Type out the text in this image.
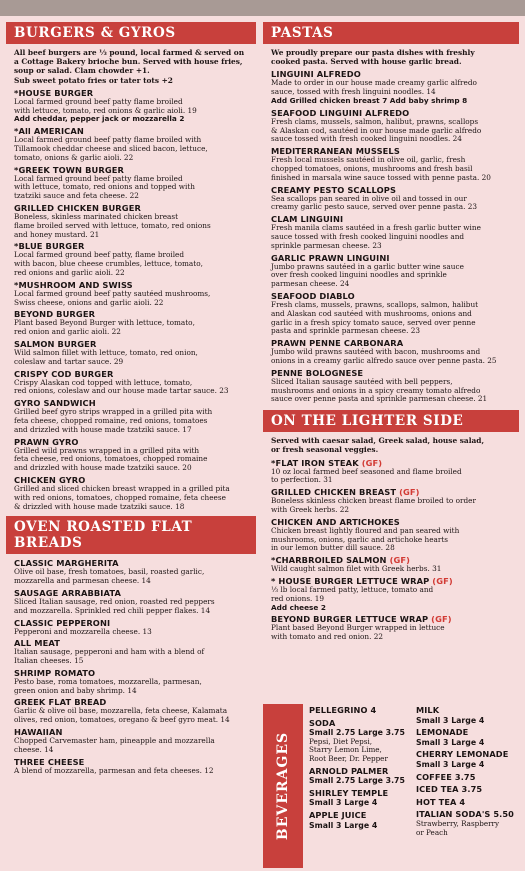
BURGERS & GYROS
All beef burgers are ⅓ pound, local farmed & served on
a Cottage Bakery brioche bun. Served with house fries,
soup or salad. Clam chowder +1.
Sub sweet potato fries or tater tots +2
*HOUSE BURGER
Local farmed ground beef patty flame broiled
with lettuce, tomato, red onions & garlic aioli. 19
Add cheddar, pepper jack or mozzarella 2
*All AMERICAN
Local farmed ground beef patty flame broiled with
Tillamook cheddar cheese and sliced bacon, lettuce,
tomato, onions & garlic aioli. 22
*GREEK TOWN BURGER
Local farmed ground beef patty flame broiled
with lettuce, tomato, red onions and topped with
tzatziki sauce and feta cheese. 22
GRILLED CHICKEN BURGER
Boneless, skinless marinated chicken breast
flame broiled served with lettuce, tomato, red onions
and honey mustard. 21
*BLUE BURGER
Local farmed ground beef patty, flame broiled
with bacon, blue cheese crumbles, lettuce, tomato,
red onions and garlic aioli. 22
*MUSHROOM AND SWISS
Local farmed ground beef patty sautéed mushrooms,
Swiss cheese, onions and garlic aioli. 22
BEYOND BURGER
Plant based Beyond Burger with lettuce, tomato,
red onion and garlic aioli. 22
SALMON BURGER
Wild salmon fillet with lettuce, tomato, red onion,
coleslaw and tartar sauce. 29
CRISPY COD BURGER
Crispy Alaskan cod topped with lettuce, tomato,
red onions, coleslaw and our house made tartar sauce. 23
GYRO SANDWICH
Grilled beef gyro strips wrapped in a grilled pita with
feta cheese, chopped romaine, red onions, tomatoes
and drizzled with house made tzatziki sauce. 17
PRAWN GYRO
Grilled wild prawns wrapped in a grilled pita with
feta cheese, red onions, tomatoes, chopped romaine
and drizzled with house made tzatziki sauce. 20
CHICKEN GYRO
Grilled and sliced chicken breast wrapped in a grilled pita
with red onions, tomatoes, chopped romaine, feta cheese
& drizzled with house made tzatziki sauce. 18
OVEN ROASTED FLAT BREADS
CLASSIC MARGHERITA
Olive oil base, fresh tomatoes, basil, roasted garlic,
mozzarella and parmesan cheese. 14
SAUSAGE ARRABBIATA
Sliced Italian sausage, red onion, roasted red peppers
and mozzarella. Sprinkled red chili pepper flakes. 14
CLASSIC PEPPERONI
Pepperoni and mozzarella cheese. 13
ALL MEAT
Italian sausage, pepperoni and ham with a blend of
Italian cheeses. 15
SHRIMP ROMATO
Pesto base, roma tomatoes, mozzarella, parmesan,
green onion and baby shrimp. 14
GREEK FLAT BREAD
Garlic & olive oil base, mozzarella, feta cheese, Kalamata
olives, red onion, tomatoes, oregano & beef gyro meat. 14
HAWAIIAN
Chopped Carvemaster ham, pineapple and mozzarella
cheese. 14
THREE CHEESE
A blend of mozzarella, parmesan and feta cheeses. 12
PASTAS
We proudly prepare our pasta dishes with freshly
cooked pasta. Served with house garlic bread.
LINGUINI ALFREDO
Made to order in our house made creamy garlic alfredo
sauce, tossed with fresh linguini noodles. 14
Add Grilled chicken breast 7 Add baby shrimp 8
SEAFOOD LINGUINI ALFREDO
Fresh clams, mussels, salmon, halibut, prawns, scallops
& Alaskan cod, sautéed in our house made garlic alfredo
sauce tossed with fresh cooked linguini noodles. 24
MEDITERRANEAN MUSSELS
Fresh local mussels sautéed in olive oil, garlic, fresh
chopped tomatoes, onions, mushrooms and fresh basil
finished in marsala wine sauce tossed with penne pasta. 20
CREAMY PESTO SCALLOPS
Sea scallops pan seared in olive oil and tossed in our
creamy garlic pesto sauce, served over penne pasta. 23
CLAM LINGUINI
Fresh manila clams sautéed in a fresh garlic butter wine
sauce tossed with fresh cooked linguini noodles and
sprinkle parmesan cheese. 23
GARLIC PRAWN LINGUINI
Jumbo prawns sautéed in a garlic butter wine sauce
over fresh cooked linguini noodles and sprinkle
parmesan cheese. 24
SEAFOOD DIABLO
Fresh clams, mussels, prawns, scallops, salmon, halibut
and Alaskan cod sautéed with mushrooms, onions and
garlic in a fresh spicy tomato sauce, served over penne
pasta and sprinkle parmesan cheese. 23
PRAWN PENNE CARBONARA
Jumbo wild prawns sautéed with bacon, mushrooms and
onions in a creamy garlic alfredo sauce over penne pasta. 25
PENNE BOLOGNESE
Sliced Italian sausage sautéed with bell peppers,
mushrooms and onions in a spicy creamy tomato alfredo
sauce over penne pasta and sprinkle parmesan cheese. 21
ON THE LIGHTER SIDE
Served with caesar salad, Greek salad, house salad,
or fresh seasonal veggies.
*FLAT IRON STEAK (GF)
10 oz local farmed beef seasoned and flame broiled
to perfection. 31
GRILLED CHICKEN BREAST (GF)
Boneless skinless chicken breast flame broiled to order
with Greek herbs. 22
CHICKEN AND ARTICHOKES
Chicken breast lightly floured and pan seared with
mushrooms, onions, garlic and artichoke hearts
in our lemon butter dill sauce. 28
*CHARBROILED SALMON (GF)
Wild caught salmon filet with Greek herbs. 31
* HOUSE BURGER LETTUCE WRAP (GF)
⅓ lb local farmed patty, lettuce, tomato and
red onions. 19
Add cheese 2
BEYOND BURGER LETTUCE WRAP (GF)
Plant based Beyond Burger wrapped in lettuce
with tomato and red onion. 22
BEVERAGES
PELLEGRINO 4
SODA
Small 2.75 Large 3.75
Pepsi, Diet Pepsi,
Starry Lemon Lime,
Root Beer, Dr. Pepper
ARNOLD PALMER
Small 2.75 Large 3.75
SHIRLEY TEMPLE
Small 3 Large 4
APPLE JUICE
Small 3 Large 4
MILK
Small 3 Large 4
LEMONADE
Small 3 Large 4
CHERRY LEMONADE
Small 3 Large 4
COFFEE 3.75
ICED TEA 3.75
HOT TEA 4
ITALIAN SODA'S 5.50
Strawberry, Raspberry
or Peach
